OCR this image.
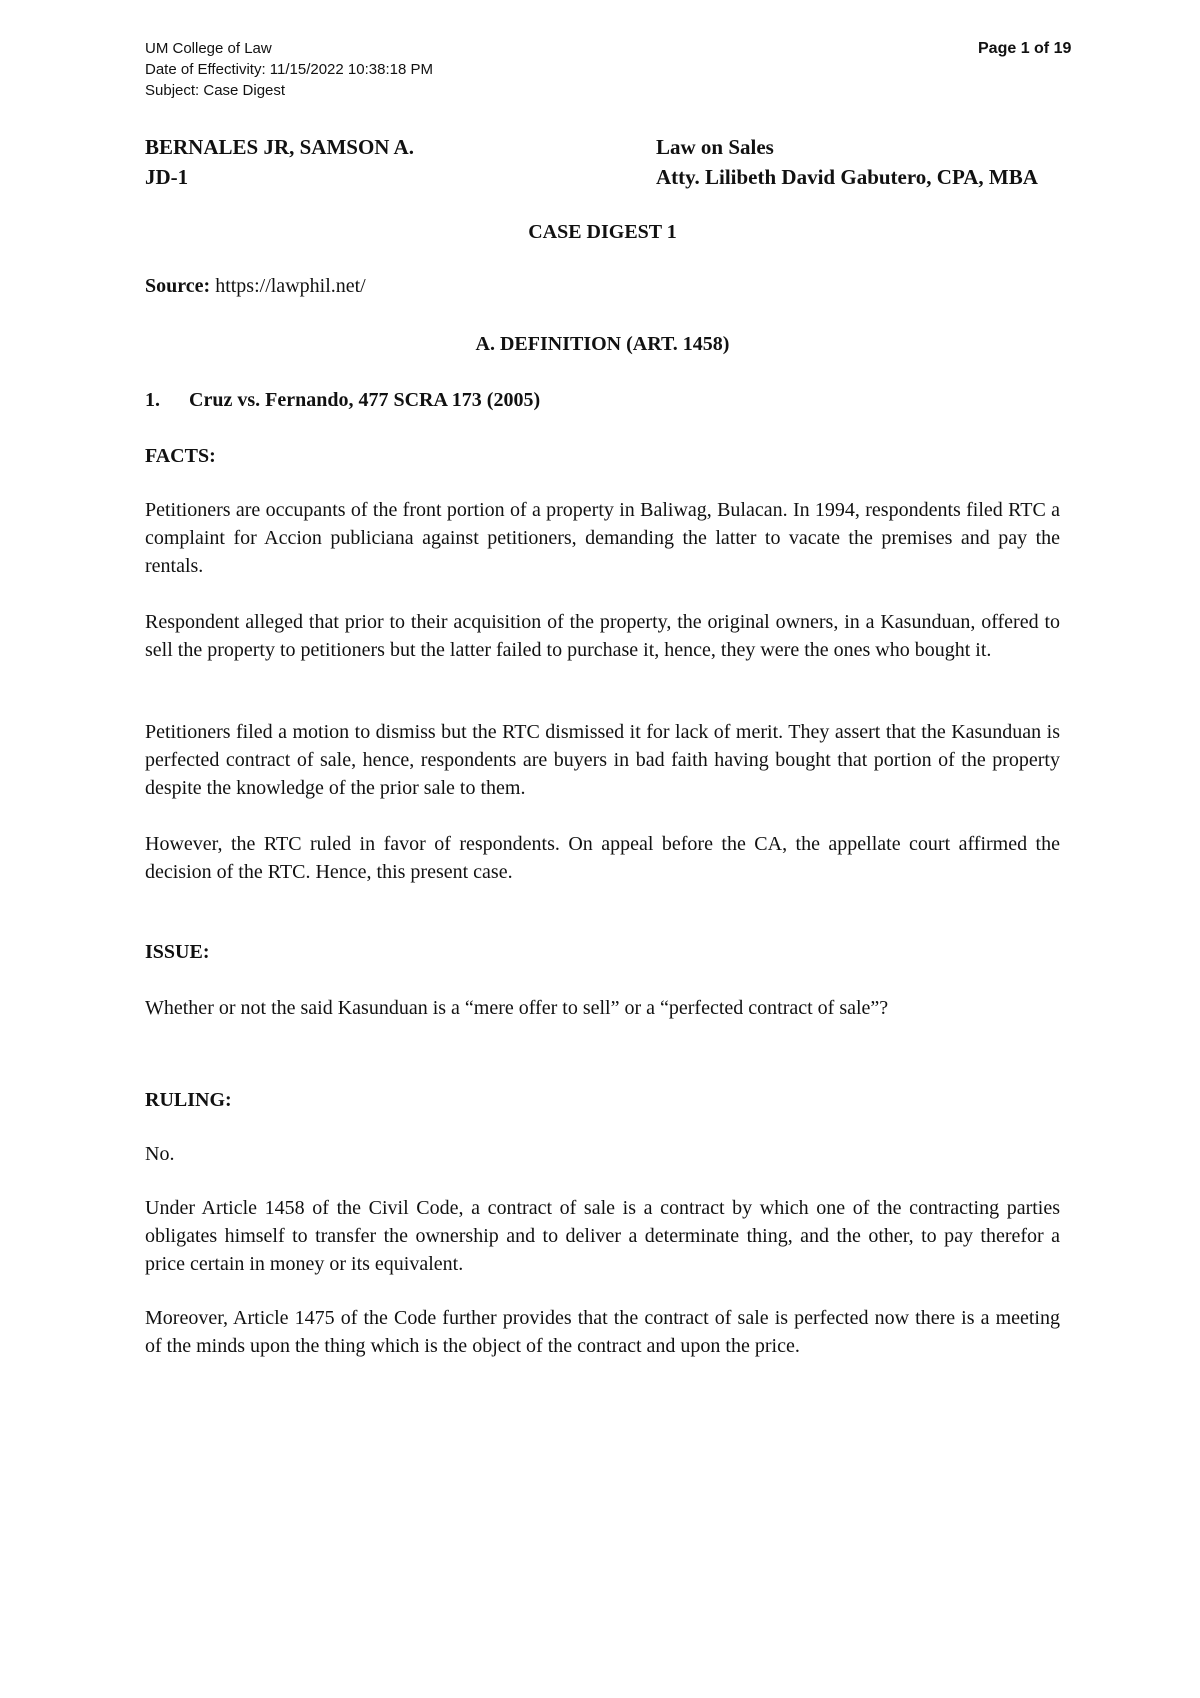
UM College of Law
Date of Effectivity: 11/15/2022 10:38:18 PM
Subject: Case Digest
Page 1 of 19
BERNALES JR, SAMSON A.
JD-1
Law on Sales
Atty. Lilibeth David Gabutero, CPA, MBA
CASE DIGEST 1
Source: https://lawphil.net/
A. DEFINITION (ART. 1458)
1. Cruz vs. Fernando, 477 SCRA 173 (2005)
FACTS:

Petitioners are occupants of the front portion of a property in Baliwag, Bulacan. In 1994, respondents filed RTC a complaint for Accion publiciana against petitioners, demanding the latter to vacate the premises and pay the rentals.

Respondent alleged that prior to their acquisition of the property, the original owners, in a Kasunduan, offered to sell the property to petitioners but the latter failed to purchase it, hence, they were the ones who bought it.

Petitioners filed a motion to dismiss but the RTC dismissed it for lack of merit. They assert that the Kasunduan is perfected contract of sale, hence, respondents are buyers in bad faith having bought that portion of the property despite the knowledge of the prior sale to them.

However, the RTC ruled in favor of respondents. On appeal before the CA, the appellate court affirmed the decision of the RTC. Hence, this present case.

ISSUE:

Whether or not the said Kasunduan is a “mere offer to sell” or a “perfected contract of sale”?

RULING:
No.

Under Article 1458 of the Civil Code, a contract of sale is a contract by which one of the contracting parties obligates himself to transfer the ownership and to deliver a determinate thing, and the other, to pay therefor a price certain in money or its equivalent.

Moreover, Article 1475 of the Code further provides that the contract of sale is perfected now there is a meeting of the minds upon the thing which is the object of the contract and upon the price.
